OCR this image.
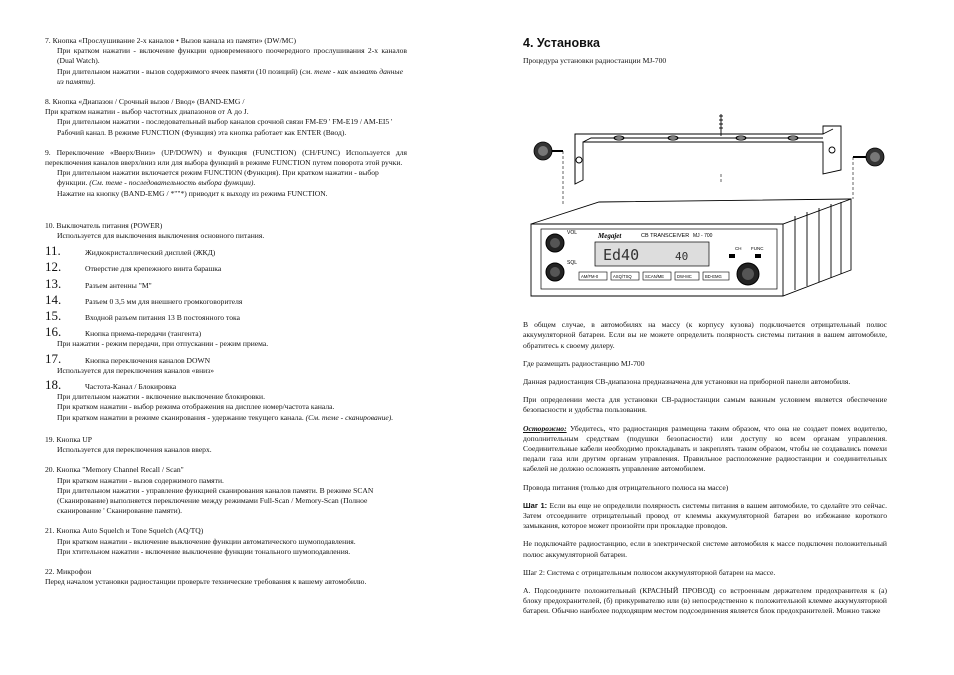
7. Кнопка «Прослушивание 2-х каналов • Вызов канала из памяти» (DW/MC)

При кратком нажатии - включение функции одновременного поочередного прослушивания 2-х каналов (Dual Watch).

При длительном нажатии - вызов содержимого ячеек памяти (10 позиций) (см. теме - как вызвать данные из памяти).

8. Кнопка «Диапазон / Срочный вызов / Ввод» (BAND-EMG /

При кратком нажатии - выбор частотных диапазонов от А до J.

При длительном нажатии - последовательный выбор каналов срочной связи FM-E9 ' FM-E19 / AM-EI5 ' Рабочий канал. В режиме FUNCTION (Функция) эта кнопка работает как ENTER (Ввод).

9. Переключение «Вверх/Вниз» (UP/DOWN) и Функция (FUNCTION) (CH/FUNC) Используется для переключения каналов вверх/вниз или для выбора функций в режиме FUNCTION путем поворота этой ручки.

При длительном нажатии включается режим FUNCTION (Функция). При кратком нажатии - выбор функции. (См. теме - последовательность выбора функции).

Нажатие на кнопку (BAND-EMG / *""*) приводит к выходу из режима FUNCTION.

10. Выключатель питания (POWER)

Используется для выключения выключения основного питания.

11.	Жидкокристаллический дисплей (ЖКД)
12.	Отверстие для крепежного винта барашка
13.	Разъем антенны "M"
14.	Разъем 0 3,5 мм для внешнего громкоговорителя
15.	Входной разъем питания 13 В постоянного тока
16.	Кнопка приема-передачи (тангента)

При нажатии - режим передачи, при отпускании - режим приема.

17.	Кнопка переключения каналов DOWN

Используется для переключения каналов «вниз»

18.	Частота-Канал / Блокировка

При длительном нажатии - включение выключение блокировки.

При кратком нажатии - выбор режима отображения на дисплее номер/частота канала.

При кратком нажатии в режиме сканирования - удержание текущего канала. (См. теме - сканирование).

19. Кнопка UP

Используется для переключения каналов вверх.

20. Кнопка "Memory Channel Recall / Scan"

При кратком нажатии - вызов содержимого памяти.

При длительном нажатии - управление функцией сканирования каналов памяти. В режиме SCAN (Сканирование) выполняется переключение между режимами Full-Scan / Memory-Scan (Полное сканирование ' Сканирование памяти).

21. Кнопка Auto Squelch и Tone Squelch (AQ/TQ)

При кратком нажатии - включение выключение функции автоматического шумоподавления.

При хтительном нажатии - включение выключение функции тонального шумоподавления.

22. Микрофон

Перед началом установки радиостанции проверьте технические требования к вашему автомобилю.

4. Установка

Процедура установки радиостанции MJ-700

VOL
SQL
Megajet	CB TRANSCEIVER MJ - 700
Ed40	40
CH FUNC
AM/FM-0	ASQ/TSQ	SCAN/ME	DW-MC	BD-EMG

В общем случае, в автомобилях на массу (к корпусу кузова) подключается отрицательный полюс аккумуляторной батареи. Если вы не можете определить полярность системы питания в вашем автомобиле, обратитесь к своему дилеру.

Где размещать радиостанцию MJ-700

Данная радиостанция СВ-диапазона предназначена для установки на приборной панели автомобиля.

При определении места для установки СВ-радиостанции самым важным условием является обеспечение безопасности и удобства пользования.

Осторожно: Убедитесь, что радиостанция размещена таким образом, что она не создает помех водителю, дополнительным средствам (подушки безопасности) или доступу ко всем органам управления. Соединительные кабели необходимо прокладывать и закреплять таким образом, чтобы не создавались помехи педали газа или другим органам управления. Правильное расположение радиостанции и соединительных кабелей не должно осложнять управление автомобилем.

Провода питания (только для отрицательного полюса на массе)

Шаг 1: Если вы еще не определили полярность системы питания в вашем автомобиле, то сделайте это сейчас. Затем отсоедините отрицательный провод от клеммы аккумуляторной батареи во избежание короткого замыкания, которое может произойти при прокладке проводов.

Не подключайте радиостанцию, если в электрической системе автомобиля к массе подключен положительный полюс аккумуляторной батареи.

Шаг 2: Система с отрицательным полюсом аккумуляторной батареи на массе.

А. Подсоедините положительный (КРАСНЫЙ ПРОВОД) со встроенным держателем предохранителя к (а) блоку предохранителей, (б) прикуривателю или (в) непосредственно к положительной клемме аккумуляторной батареи. Обычно наиболее подходящим местом подсоединения является блок предохранителей. Можно также
